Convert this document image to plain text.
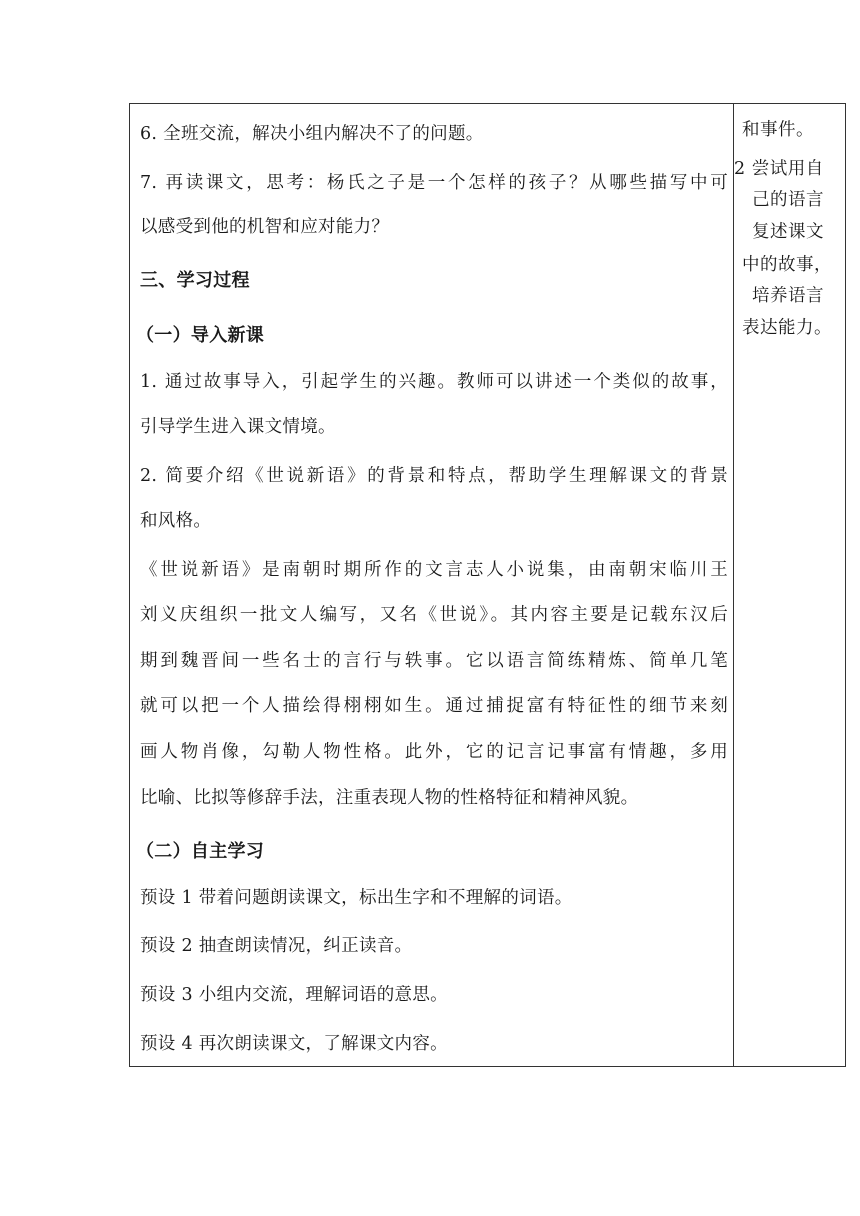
6. 全班交流，解决小组内解决不了的问题。
7. 再读课文，思考：杨氏之子是一个怎样的孩子？从哪些描写中可
以感受到他的机智和应对能力？
三、学习过程
（一）导入新课
1. 通过故事导入，引起学生的兴趣。教师可以讲述一个类似的故事，
引导学生进入课文情境。
2. 简要介绍《世说新语》的背景和特点，帮助学生理解课文的背景
和风格。
《世说新语》是南朝时期所作的文言志人小说集，由南朝宋临川王
刘义庆组织一批文人编写，又名《世说》。其内容主要是记载东汉后
期到魏晋间一些名士的言行与轶事。它以语言简练精炼、简单几笔
就可以把一个人描绘得栩栩如生。通过捕捉富有特征性的细节来刻
画人物肖像，勾勒人物性格。此外，它的记言记事富有情趣，多用
比喻、比拟等修辞手法，注重表现人物的性格特征和精神风貌。
（二）自主学习
预设 1 带着问题朗读课文，标出生字和不理解的词语。
预设 2 抽查朗读情况，纠正读音。
预设 3 小组内交流，理解词语的意思。
预设 4 再次朗读课文，了解课文内容。
和事件。
2 尝试用自
己的语言
复述课文
中的故事，
培养语言
表达能力。
